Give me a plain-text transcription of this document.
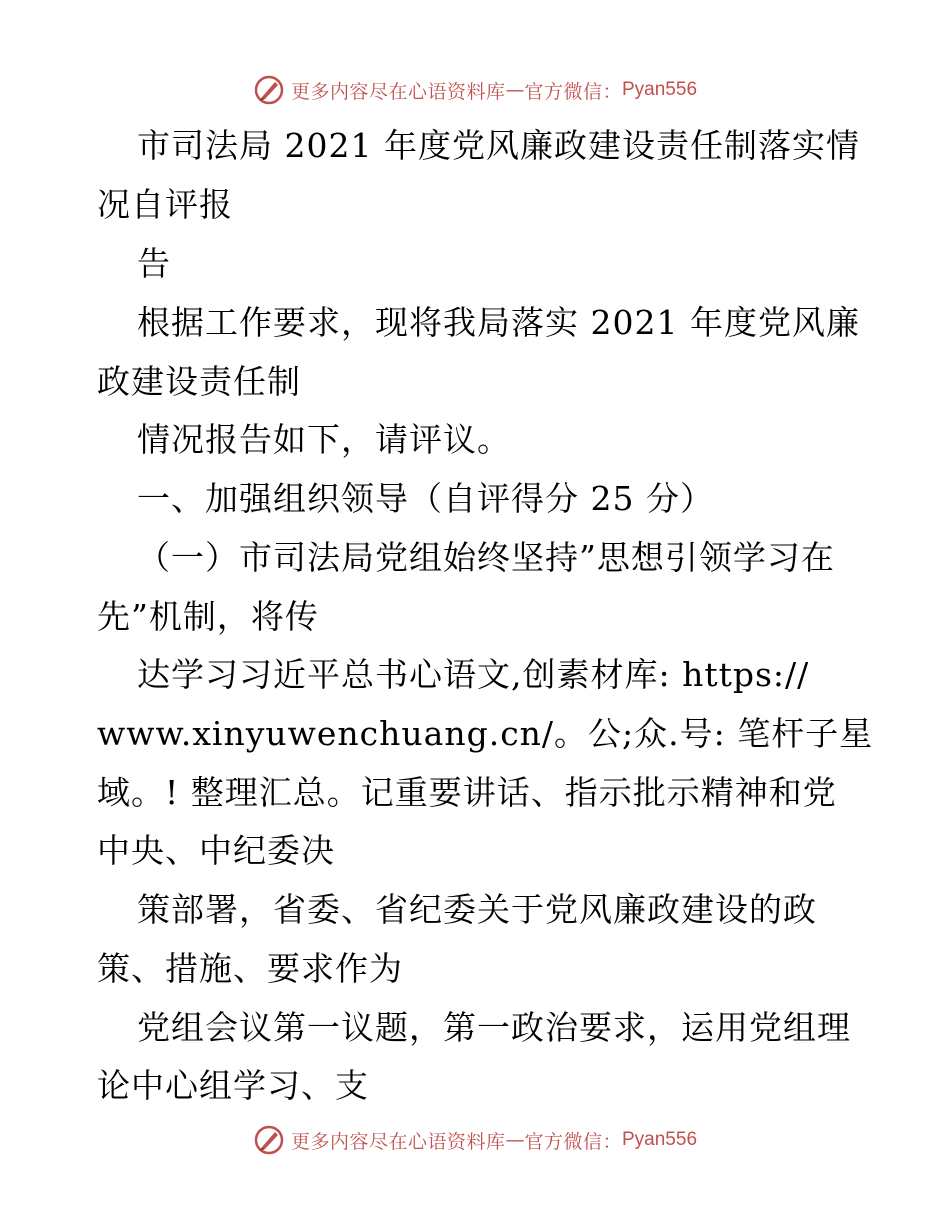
更多内容尽在心语资料库 — 官方微信： Pyan556
市司法局 2021 年度党风廉政建设责任制落实情
况自评报
告
根据工作要求，现将我局落实 2021 年度党风廉
政建设责任制
情况报告如下，请评议。
一、加强组织领导（自评得分 25 分）
（一）市司法局党组始终坚持”思想引领学习在
先”机制，将传
达学习习近平总书心语文,创素材库: https://
www.xinyuwenchuang.cn/。公;众.号: 笔杆子星
域。! 整理汇总。记重要讲话、指示批示精神和党
中央、中纪委决
策部署，省委、省纪委关于党风廉政建设的政
策、措施、要求作为
党组会议第一议题，第一政治要求，运用党组理
论中心组学习、支
更多内容尽在心语资料库 — 官方微信： Pyan556
